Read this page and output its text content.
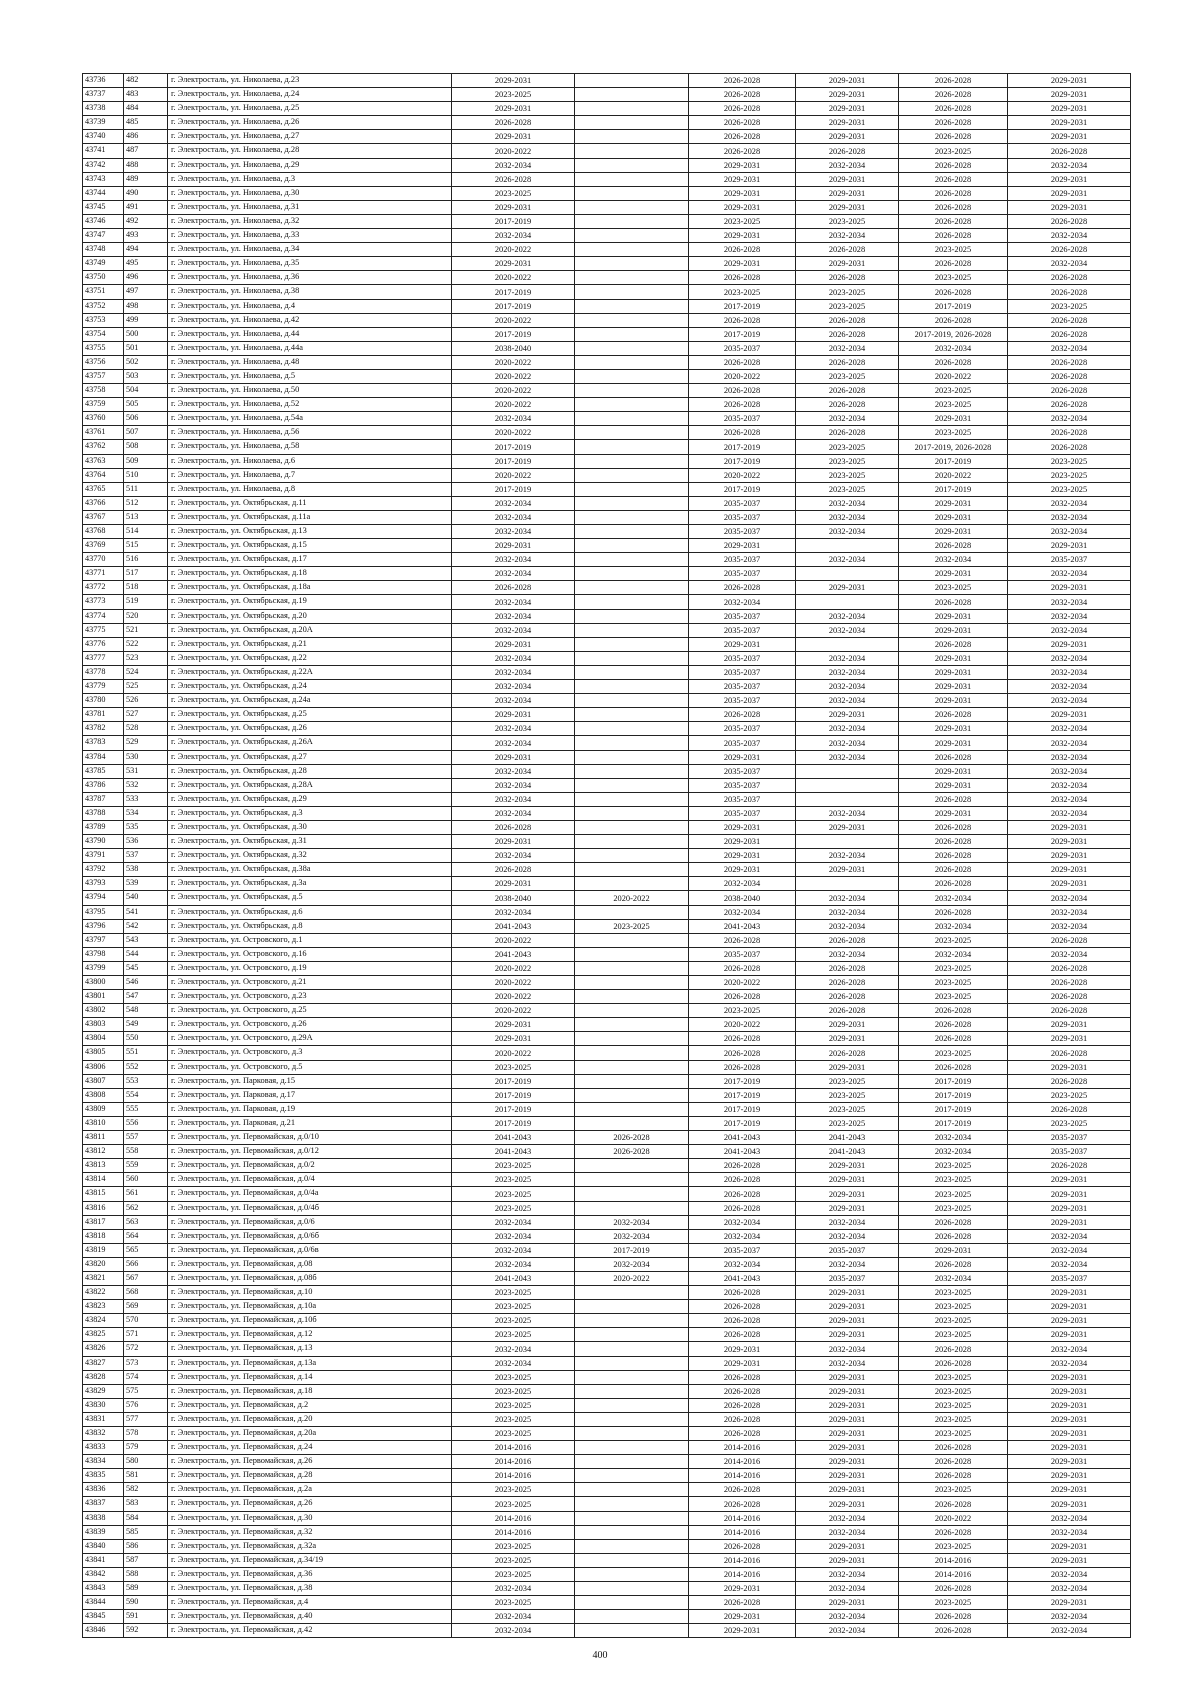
43736	482	г. Электросталь, ул. Николаева, д.23	2029-2031		2026-2028	2029-2031	2026-2028	2029-2031
43737	483	г. Электросталь, ул. Николаева, д.24	2023-2025		2026-2028	2029-2031	2026-2028	2029-2031
43738	484	г. Электросталь, ул. Николаева, д.25	2029-2031		2026-2028	2029-2031	2026-2028	2029-2031
43739	485	г. Электросталь, ул. Николаева, д.26	2026-2028		2026-2028	2029-2031	2026-2028	2029-2031
43740	486	г. Электросталь, ул. Николаева, д.27	2029-2031		2026-2028	2029-2031	2026-2028	2029-2031
43741	487	г. Электросталь, ул. Николаева, д.28	2020-2022		2026-2028	2026-2028	2023-2025	2026-2028
43742	488	г. Электросталь, ул. Николаева, д.29	2032-2034		2029-2031	2032-2034	2026-2028	2032-2034
43743	489	г. Электросталь, ул. Николаева, д.3	2026-2028		2029-2031	2029-2031	2026-2028	2029-2031
43744	490	г. Электросталь, ул. Николаева, д.30	2023-2025		2029-2031	2029-2031	2026-2028	2029-2031
43745	491	г. Электросталь, ул. Николаева, д.31	2029-2031		2029-2031	2029-2031	2026-2028	2029-2031
43746	492	г. Электросталь, ул. Николаева, д.32	2017-2019		2023-2025	2023-2025	2026-2028	2026-2028
43747	493	г. Электросталь, ул. Николаева, д.33	2032-2034		2029-2031	2032-2034	2026-2028	2032-2034
43748	494	г. Электросталь, ул. Николаева, д.34	2020-2022		2026-2028	2026-2028	2023-2025	2026-2028
43749	495	г. Электросталь, ул. Николаева, д.35	2029-2031		2029-2031	2029-2031	2026-2028	2032-2034
43750	496	г. Электросталь, ул. Николаева, д.36	2020-2022		2026-2028	2026-2028	2023-2025	2026-2028
43751	497	г. Электросталь, ул. Николаева, д.38	2017-2019		2023-2025	2023-2025	2026-2028	2026-2028
43752	498	г. Электросталь, ул. Николаева, д.4	2017-2019		2017-2019	2023-2025	2017-2019	2023-2025
43753	499	г. Электросталь, ул. Николаева, д.42	2020-2022		2026-2028	2026-2028	2026-2028	2026-2028
43754	500	г. Электросталь, ул. Николаева, д.44	2017-2019		2017-2019	2026-2028	2017-2019, 2026-2028	2026-2028
43755	501	г. Электросталь, ул. Николаева, д.44а	2038-2040		2035-2037	2032-2034	2032-2034	2032-2034
43756	502	г. Электросталь, ул. Николаева, д.48	2020-2022		2026-2028	2026-2028	2026-2028	2026-2028
43757	503	г. Электросталь, ул. Николаева, д.5	2020-2022		2020-2022	2023-2025	2020-2022	2026-2028
43758	504	г. Электросталь, ул. Николаева, д.50	2020-2022		2026-2028	2026-2028	2023-2025	2026-2028
43759	505	г. Электросталь, ул. Николаева, д.52	2020-2022		2026-2028	2026-2028	2023-2025	2026-2028
43760	506	г. Электросталь, ул. Николаева, д.54а	2032-2034		2035-2037	2032-2034	2029-2031	2032-2034
43761	507	г. Электросталь, ул. Николаева, д.56	2020-2022		2026-2028	2026-2028	2023-2025	2026-2028
43762	508	г. Электросталь, ул. Николаева, д.58	2017-2019		2017-2019	2023-2025	2017-2019, 2026-2028	2026-2028
43763	509	г. Электросталь, ул. Николаева, д.6	2017-2019		2017-2019	2023-2025	2017-2019	2023-2025
43764	510	г. Электросталь, ул. Николаева, д.7	2020-2022		2020-2022	2023-2025	2020-2022	2023-2025
43765	511	г. Электросталь, ул. Николаева, д.8	2017-2019		2017-2019	2023-2025	2017-2019	2023-2025
43766	512	г. Электросталь, ул. Октябрьская, д.11	2032-2034		2035-2037	2032-2034	2029-2031	2032-2034
43767	513	г. Электросталь, ул. Октябрьская, д.11а	2032-2034		2035-2037	2032-2034	2029-2031	2032-2034
43768	514	г. Электросталь, ул. Октябрьская, д.13	2032-2034		2035-2037	2032-2034	2029-2031	2032-2034
43769	515	г. Электросталь, ул. Октябрьская, д.15	2029-2031		2029-2031		2026-2028	2029-2031
43770	516	г. Электросталь, ул. Октябрьская, д.17	2032-2034		2035-2037	2032-2034	2032-2034	2035-2037
43771	517	г. Электросталь, ул. Октябрьская, д.18	2032-2034		2035-2037		2029-2031	2032-2034
43772	518	г. Электросталь, ул. Октябрьская, д.18а	2026-2028		2026-2028	2029-2031	2023-2025	2029-2031
43773	519	г. Электросталь, ул. Октябрьская, д.19	2032-2034		2032-2034		2026-2028	2032-2034
43774	520	г. Электросталь, ул. Октябрьская, д.20	2032-2034		2035-2037	2032-2034	2029-2031	2032-2034
43775	521	г. Электросталь, ул. Октябрьская, д.20А	2032-2034		2035-2037	2032-2034	2029-2031	2032-2034
43776	522	г. Электросталь, ул. Октябрьская, д.21	2029-2031		2029-2031		2026-2028	2029-2031
43777	523	г. Электросталь, ул. Октябрьская, д.22	2032-2034		2035-2037	2032-2034	2029-2031	2032-2034
43778	524	г. Электросталь, ул. Октябрьская, д.22А	2032-2034		2035-2037	2032-2034	2029-2031	2032-2034
43779	525	г. Электросталь, ул. Октябрьская, д.24	2032-2034		2035-2037	2032-2034	2029-2031	2032-2034
43780	526	г. Электросталь, ул. Октябрьская, д.24а	2032-2034		2035-2037	2032-2034	2029-2031	2032-2034
43781	527	г. Электросталь, ул. Октябрьская, д.25	2029-2031		2026-2028	2029-2031	2026-2028	2029-2031
43782	528	г. Электросталь, ул. Октябрьская, д.26	2032-2034		2035-2037	2032-2034	2029-2031	2032-2034
43783	529	г. Электросталь, ул. Октябрьская, д.26А	2032-2034		2035-2037	2032-2034	2029-2031	2032-2034
43784	530	г. Электросталь, ул. Октябрьская, д.27	2029-2031		2029-2031	2032-2034	2026-2028	2032-2034
43785	531	г. Электросталь, ул. Октябрьская, д.28	2032-2034		2035-2037		2029-2031	2032-2034
43786	532	г. Электросталь, ул. Октябрьская, д.28А	2032-2034		2035-2037		2029-2031	2032-2034
43787	533	г. Электросталь, ул. Октябрьская, д.29	2032-2034		2035-2037		2026-2028	2032-2034
43788	534	г. Электросталь, ул. Октябрьская, д.3	2032-2034		2035-2037	2032-2034	2029-2031	2032-2034
43789	535	г. Электросталь, ул. Октябрьская, д.30	2026-2028		2029-2031	2029-2031	2026-2028	2029-2031
43790	536	г. Электросталь, ул. Октябрьская, д.31	2029-2031		2029-2031		2026-2028	2029-2031
43791	537	г. Электросталь, ул. Октябрьская, д.32	2032-2034		2029-2031	2032-2034	2026-2028	2029-2031
43792	538	г. Электросталь, ул. Октябрьская, д.38а	2026-2028		2029-2031	2029-2031	2026-2028	2029-2031
43793	539	г. Электросталь, ул. Октябрьская, д.3а	2029-2031		2032-2034		2026-2028	2029-2031
43794	540	г. Электросталь, ул. Октябрьская, д.5	2038-2040	2020-2022	2038-2040	2032-2034	2032-2034	2032-2034
43795	541	г. Электросталь, ул. Октябрьская, д.6	2032-2034		2032-2034	2032-2034	2026-2028	2032-2034
43796	542	г. Электросталь, ул. Октябрьская, д.8	2041-2043	2023-2025	2041-2043	2032-2034	2032-2034	2032-2034
43797	543	г. Электросталь, ул. Островского, д.1	2020-2022		2026-2028	2026-2028	2023-2025	2026-2028
43798	544	г. Электросталь, ул. Островского, д.16	2041-2043		2035-2037	2032-2034	2032-2034	2032-2034
43799	545	г. Электросталь, ул. Островского, д.19	2020-2022		2026-2028	2026-2028	2023-2025	2026-2028
43800	546	г. Электросталь, ул. Островского, д.21	2020-2022		2020-2022	2026-2028	2023-2025	2026-2028
43801	547	г. Электросталь, ул. Островского, д.23	2020-2022		2026-2028	2026-2028	2023-2025	2026-2028
43802	548	г. Электросталь, ул. Островского, д.25	2020-2022		2023-2025	2026-2028	2026-2028	2026-2028
43803	549	г. Электросталь, ул. Островского, д.26	2029-2031		2020-2022	2029-2031	2026-2028	2029-2031
43804	550	г. Электросталь, ул. Островского, д.29А	2029-2031		2026-2028	2029-2031	2026-2028	2029-2031
43805	551	г. Электросталь, ул. Островского, д.3	2020-2022		2026-2028	2026-2028	2023-2025	2026-2028
43806	552	г. Электросталь, ул. Островского, д.5	2023-2025		2026-2028	2029-2031	2026-2028	2029-2031
43807	553	г. Электросталь, ул. Парковая, д.15	2017-2019		2017-2019	2023-2025	2017-2019	2026-2028
43808	554	г. Электросталь, ул. Парковая, д.17	2017-2019		2017-2019	2023-2025	2017-2019	2023-2025
43809	555	г. Электросталь, ул. Парковая, д.19	2017-2019		2017-2019	2023-2025	2017-2019	2026-2028
43810	556	г. Электросталь, ул. Парковая, д.21	2017-2019		2017-2019	2023-2025	2017-2019	2023-2025
43811	557	г. Электросталь, ул. Первомайская, д.0/10	2041-2043	2026-2028	2041-2043	2041-2043	2032-2034	2035-2037
43812	558	г. Электросталь, ул. Первомайская, д.0/12	2041-2043	2026-2028	2041-2043	2041-2043	2032-2034	2035-2037
43813	559	г. Электросталь, ул. Первомайская, д.0/2	2023-2025		2026-2028	2029-2031	2023-2025	2026-2028
43814	560	г. Электросталь, ул. Первомайская, д.0/4	2023-2025		2026-2028	2029-2031	2023-2025	2029-2031
43815	561	г. Электросталь, ул. Первомайская, д.0/4а	2023-2025		2026-2028	2029-2031	2023-2025	2029-2031
43816	562	г. Электросталь, ул. Первомайская, д.0/4б	2023-2025		2026-2028	2029-2031	2023-2025	2029-2031
43817	563	г. Электросталь, ул. Первомайская, д.0/6	2032-2034	2032-2034	2032-2034	2032-2034	2026-2028	2029-2031
43818	564	г. Электросталь, ул. Первомайская, д.0/6б	2032-2034	2032-2034	2032-2034	2032-2034	2026-2028	2032-2034
43819	565	г. Электросталь, ул. Первомайская, д.0/6в	2032-2034	2017-2019	2035-2037	2035-2037	2029-2031	2032-2034
43820	566	г. Электросталь, ул. Первомайская, д.08	2032-2034	2032-2034	2032-2034	2032-2034	2026-2028	2032-2034
43821	567	г. Электросталь, ул. Первомайская, д.08б	2041-2043	2020-2022	2041-2043	2035-2037	2032-2034	2035-2037
43822	568	г. Электросталь, ул. Первомайская, д.10	2023-2025		2026-2028	2029-2031	2023-2025	2029-2031
43823	569	г. Электросталь, ул. Первомайская, д.10а	2023-2025		2026-2028	2029-2031	2023-2025	2029-2031
43824	570	г. Электросталь, ул. Первомайская, д.10б	2023-2025		2026-2028	2029-2031	2023-2025	2029-2031
43825	571	г. Электросталь, ул. Первомайская, д.12	2023-2025		2026-2028	2029-2031	2023-2025	2029-2031
43826	572	г. Электросталь, ул. Первомайская, д.13	2032-2034		2029-2031	2032-2034	2026-2028	2032-2034
43827	573	г. Электросталь, ул. Первомайская, д.13а	2032-2034		2029-2031	2032-2034	2026-2028	2032-2034
43828	574	г. Электросталь, ул. Первомайская, д.14	2023-2025		2026-2028	2029-2031	2023-2025	2029-2031
43829	575	г. Электросталь, ул. Первомайская, д.18	2023-2025		2026-2028	2029-2031	2023-2025	2029-2031
43830	576	г. Электросталь, ул. Первомайская, д.2	2023-2025		2026-2028	2029-2031	2023-2025	2029-2031
43831	577	г. Электросталь, ул. Первомайская, д.20	2023-2025		2026-2028	2029-2031	2023-2025	2029-2031
43832	578	г. Электросталь, ул. Первомайская, д.20а	2023-2025		2026-2028	2029-2031	2023-2025	2029-2031
43833	579	г. Электросталь, ул. Первомайская, д.24	2014-2016		2014-2016	2029-2031	2026-2028	2029-2031
43834	580	г. Электросталь, ул. Первомайская, д.26	2014-2016		2014-2016	2029-2031	2026-2028	2029-2031
43835	581	г. Электросталь, ул. Первомайская, д.28	2014-2016		2014-2016	2029-2031	2026-2028	2029-2031
43836	582	г. Электросталь, ул. Первомайская, д.2а	2023-2025		2026-2028	2029-2031	2023-2025	2029-2031
43837	583	г. Электросталь, ул. Первомайская, д.26	2023-2025		2026-2028	2029-2031	2026-2028	2029-2031
43838	584	г. Электросталь, ул. Первомайская, д.30	2014-2016		2014-2016	2032-2034	2020-2022	2032-2034
43839	585	г. Электросталь, ул. Первомайская, д.32	2014-2016		2014-2016	2032-2034	2026-2028	2032-2034
43840	586	г. Электросталь, ул. Первомайская, д.32а	2023-2025		2026-2028	2029-2031	2023-2025	2029-2031
43841	587	г. Электросталь, ул. Первомайская, д.34/19	2023-2025		2014-2016	2029-2031	2014-2016	2029-2031
43842	588	г. Электросталь, ул. Первомайская, д.36	2023-2025		2014-2016	2032-2034	2014-2016	2032-2034
43843	589	г. Электросталь, ул. Первомайская, д.38	2032-2034		2029-2031	2032-2034	2026-2028	2032-2034
43844	590	г. Электросталь, ул. Первомайская, д.4	2023-2025		2026-2028	2029-2031	2023-2025	2029-2031
43845	591	г. Электросталь, ул. Первомайская, д.40	2032-2034		2029-2031	2032-2034	2026-2028	2032-2034
43846	592	г. Электросталь, ул. Первомайская, д.42	2032-2034		2029-2031	2032-2034	2026-2028	2032-2034
400
